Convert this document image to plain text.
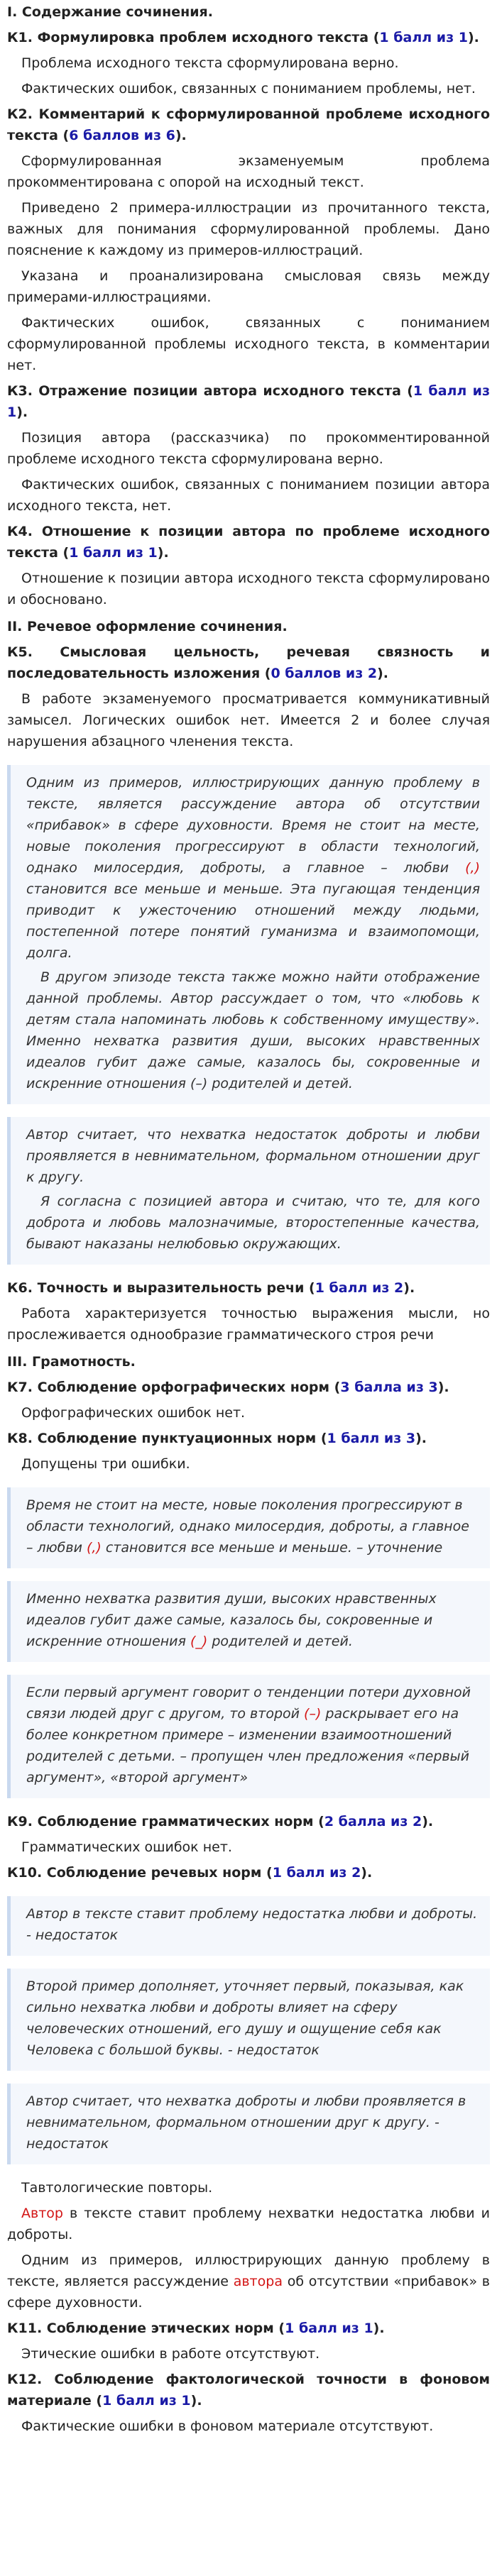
I. Содержание сочинения.
К1. Формулировка проблем исходного текста (1 балл из 1).

Проблема исходного текста сформулирована верно.

Фактических ошибок, связанных с пониманием проблемы, нет.

К2. Комментарий к сформулированной проблеме исходного текста (6 баллов из 6).

Сформулированная экзаменуемым проблема прокомментирована с опорой на исходный текст.

Приведено 2 примера-иллюстрации из прочитанного текста, важных для понимания сформулированной проблемы. Дано пояснение к каждому из примеров-иллюстраций.

Указана и проанализирована смысловая связь между примерами-иллюстрациями.

Фактических ошибок, связанных с пониманием сформулированной проблемы исходного текста, в комментарии нет.

К3. Отражение позиции автора исходного текста (1 балл из 1).

Позиция автора (рассказчика) по прокомментированной проблеме исходного текста сформулирована верно.

Фактических ошибок, связанных с пониманием позиции автора исходного текста, нет.

К4. Отношение к позиции автора по проблеме исходного текста (1 балл из 1).

Отношение к позиции автора исходного текста сформулировано и обосновано.

II. Речевое оформление сочинения.
К5. Смысловая цельность, речевая связность и последовательность изложения (0 баллов из 2).

В работе экзаменуемого просматривается коммуникативный замысел. Логических ошибок нет. Имеется 2 и более случая нарушения абзацного членения текста.

Одним из примеров, иллюстрирующих данную проблему в тексте, является рассуждение автора об отсутствии «прибавок» в сфере духовности. Время не стоит на месте, новые поколения прогрессируют в области технологий, однако милосердия, доброты, а главное – любви (,) становится все меньше и меньше. Эта пугающая тенденция приводит к ужесточению отношений между людьми, постепенной потере понятий гуманизма и взаимопомощи, долга.

В другом эпизоде текста также можно найти отображение данной проблемы. Автор рассуждает о том, что «любовь к детям стала напоминать любовь к собственному имуществу». Именно нехватка развития души, высоких нравственных идеалов губит даже самые, казалось бы, сокровенные и искренние отношения (–) родителей и детей.

Автор считает, что нехватка недостаток доброты и любви проявляется в невнимательном, формальном отношении друг к другу.

Я согласна с позицией автора и считаю, что те, для кого доброта и любовь малозначимые, второстепенные качества, бывают наказаны нелюбовью окружающих.

К6. Точность и выразительность речи (1 балл из 2).

Работа характеризуется точностью выражения мысли, но прослеживается однообразие грамматического строя речи

III. Грамотность.
К7. Соблюдение орфографических норм (3 балла из 3).

Орфографических ошибок нет.

К8. Соблюдение пунктуационных норм (1 балл из 3).

Допущены три ошибки.

Время не стоит на месте, новые поколения прогрессируют в области технологий, однако милосердия, доброты, а главное – любви (,) становится все меньше и меньше. – уточнение

Именно нехватка развития души, высоких нравственных идеалов губит даже самые, казалось бы, сокровенные и искренние отношения (_) родителей и детей.

Если первый аргумент говорит о тенденции потери духовной связи людей друг с другом, то второй (–) раскрывает его на более конкретном примере – изменении взаимоотношений родителей с детьми. – пропущен член предложения «первый аргумент», «второй аргумент»

К9. Соблюдение грамматических норм (2 балла из 2).

Грамматических ошибок нет.

К10. Соблюдение речевых норм (1 балл из 2).

Автор в тексте ставит проблему недостатка любви и доброты. - недостаток

Второй пример дополняет, уточняет первый, показывая, как сильно нехватка любви и доброты влияет на сферу человеческих отношений, его душу и ощущение себя как Человека с большой буквы. - недостаток

Автор считает, что нехватка доброты и любви проявляется в невнимательном, формальном отношении друг к другу. - недостаток

Тавтологические повторы.

Автор в тексте ставит проблему нехватки недостатка любви и доброты.

Одним из примеров, иллюстрирующих данную проблему в тексте, является рассуждение автора об отсутствии «прибавок» в сфере духовности.

К11. Соблюдение этических норм (1 балл из 1).

Этические ошибки в работе отсутствуют.

К12. Соблюдение фактологической точности в фоновом материале (1 балл из 1).

Фактические ошибки в фоновом материале отсутствуют.
